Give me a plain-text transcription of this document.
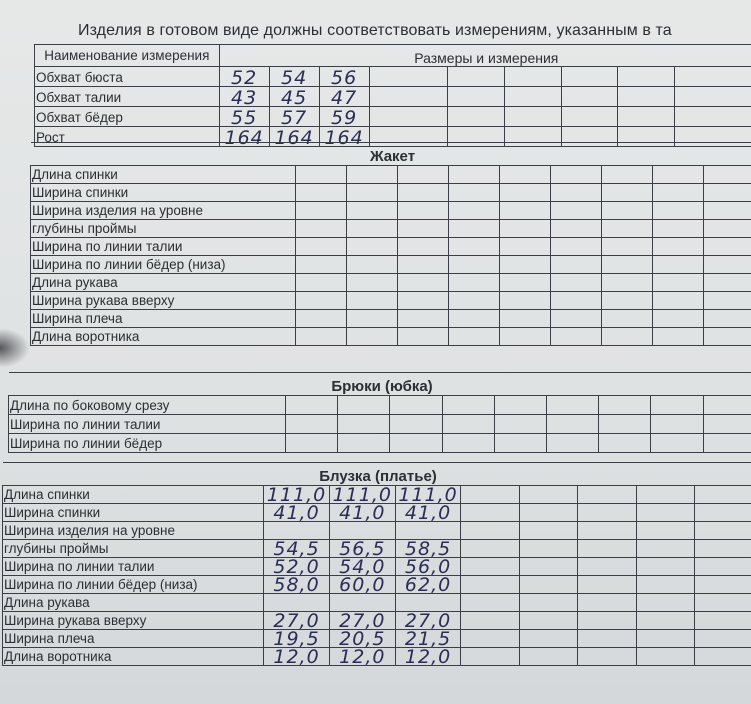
Изделия в готовом виде должны соответствовать измерениям, указанным в та
Наименование измерения	Размеры и измерения								
Обхват бюста	52	54	56						
Обхват талии	43	45	47						
Обхват бёдер	55	57	59						
Рост	164	164	164						
Жакет									
Длина спинки									
Ширина спинки									
Ширина изделия на уровне									
глубины проймы									
Ширина по линии талии									
Ширина по линии бёдер (низа)									
Длина рукава									
Ширина рукава вверху									
Ширина плеча									
Длина воротника									
Брюки (юбка)									
Длина по боковому срезу									
Ширина по линии талии									
Ширина по линии бёдер									
Блузка (платье)								
Длина спинки	111,0	111,0	111,0					
Ширина спинки	41,0	41,0	41,0					
Ширина изделия на уровне								
глубины проймы	54,5	56,5	58,5					
Ширина по линии талии	52,0	54,0	56,0					
Ширина по линии бёдер (низа)	58,0	60,0	62,0					
Длина рукава								
Ширина рукава вверху	27,0	27,0	27,0					
Ширина плеча	19,5	20,5	21,5					
Длина воротника	12,0	12,0	12,0					
